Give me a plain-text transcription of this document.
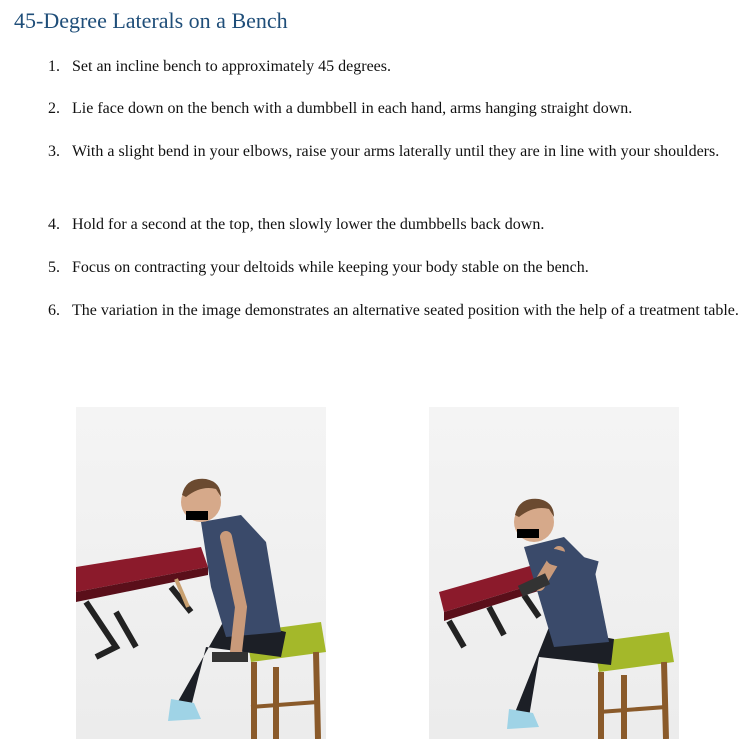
45-Degree Laterals on a Bench
1. Set an incline bench to approximately 45 degrees.
2. Lie face down on the bench with a dumbbell in each hand, arms hanging straight down.
3. With a slight bend in your elbows, raise your arms laterally until they are in line with your shoulders.
4. Hold for a second at the top, then slowly lower the dumbbells back down.
5. Focus on contracting your deltoids while keeping your body stable on the bench.
6. The variation in the image demonstrates an alternative seated position with the help of a treatment table.
